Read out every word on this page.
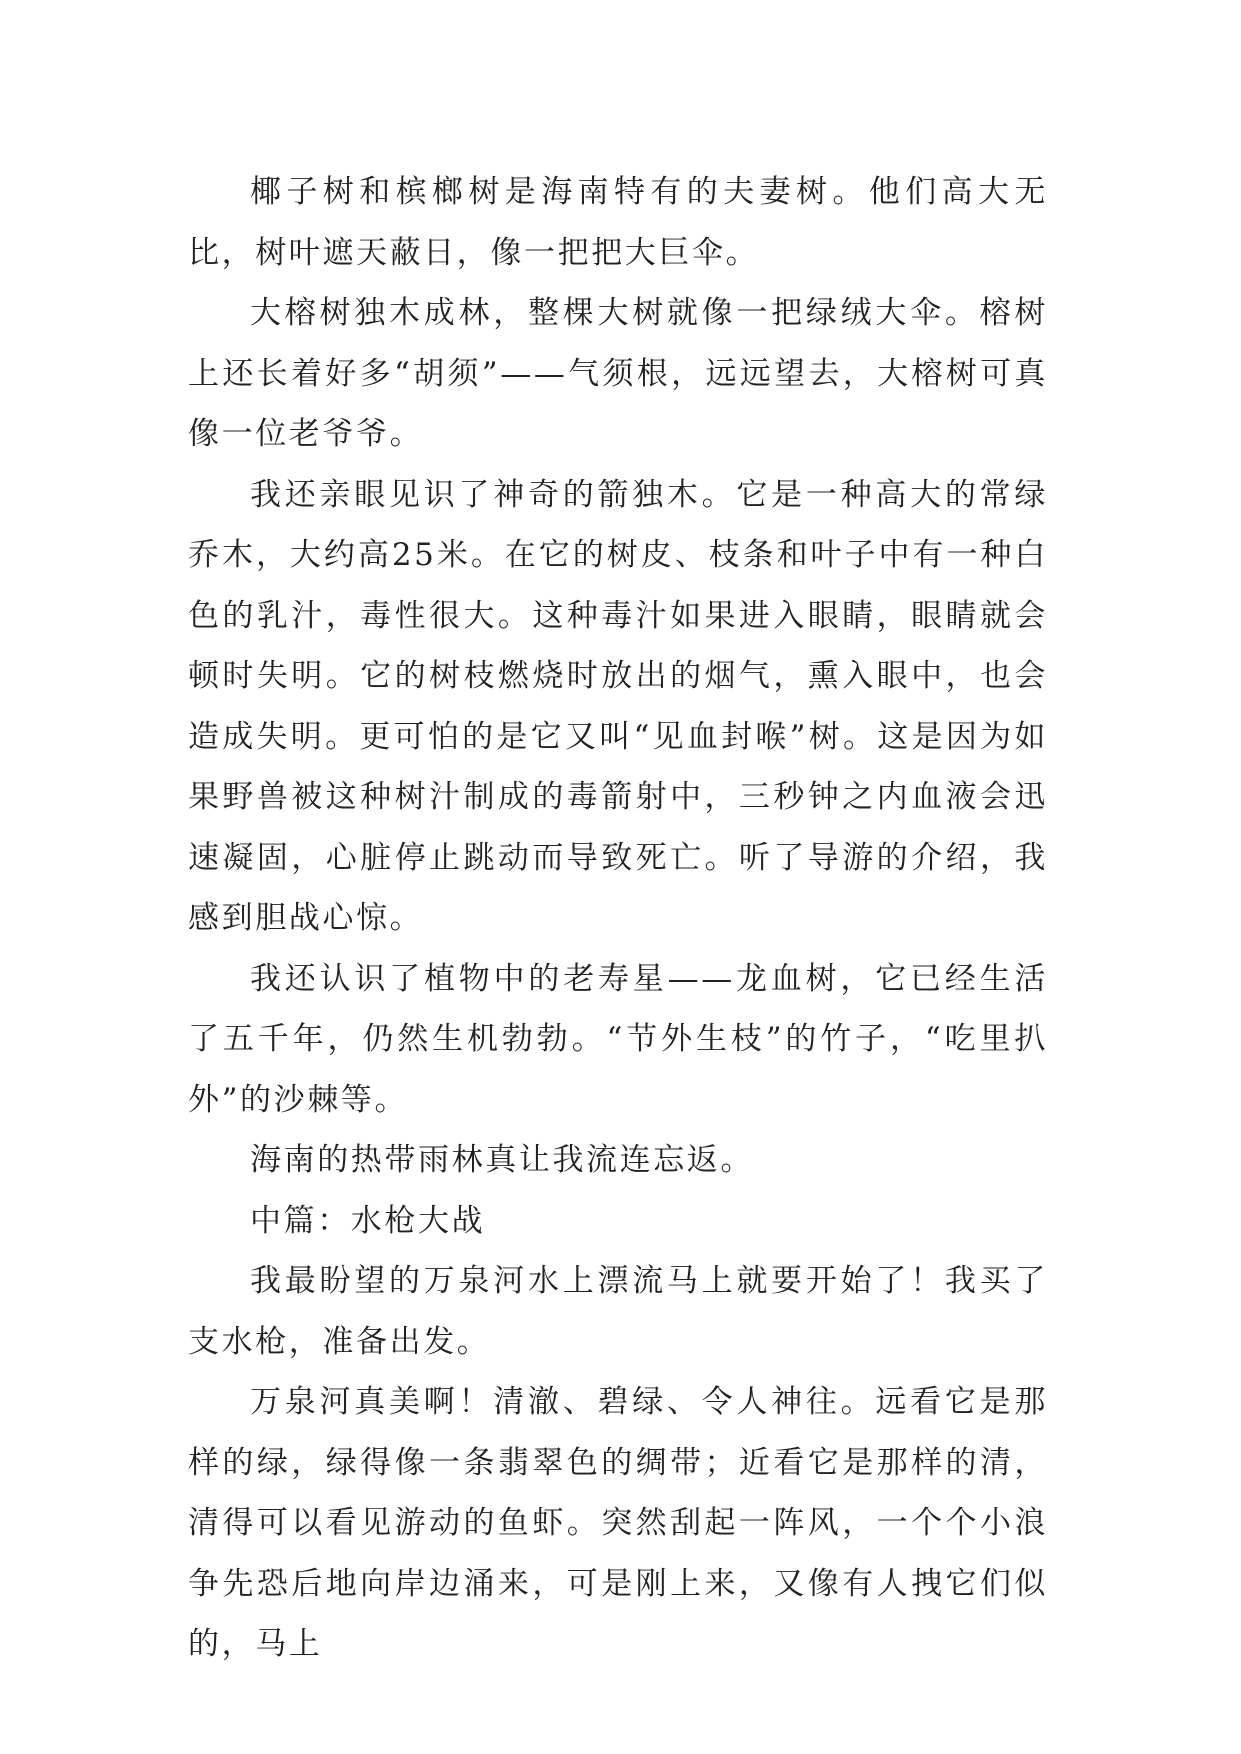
椰子树和槟榔树是海南特有的夫妻树。他们高大无比，树叶遮天蔽日，像一把把大巨伞。

大榕树独木成林，整棵大树就像一把绿绒大伞。榕树上还长着好多“胡须”——气须根，远远望去，大榕树可真像一位老爷爷。

我还亲眼见识了神奇的箭独木。它是一种高大的常绿乔木，大约高25米。在它的树皮、枝条和叶子中有一种白色的乳汁，毒性很大。这种毒汁如果进入眼睛，眼睛就会顿时失明。它的树枝燃烧时放出的烟气，熏入眼中，也会造成失明。更可怕的是它又叫“见血封喉”树。这是因为如果野兽被这种树汁制成的毒箭射中，三秒钟之内血液会迅速凝固，心脏停止跳动而导致死亡。听了导游的介绍，我感到胆战心惊。

我还认识了植物中的老寿星——龙血树，它已经生活了五千年，仍然生机勃勃。“节外生枝”的竹子，“吃里扒外”的沙棘等。

海南的热带雨林真让我流连忘返。

中篇：水枪大战

我最盼望的万泉河水上漂流马上就要开始了！我买了支水枪，准备出发。

万泉河真美啊！清澈、碧绿、令人神往。远看它是那样的绿，绿得像一条翡翠色的绸带；近看它是那样的清，清得可以看见游动的鱼虾。突然刮起一阵风，一个个小浪争先恐后地向岸边涌来，可是刚上来，又像有人拽它们似的，马上
